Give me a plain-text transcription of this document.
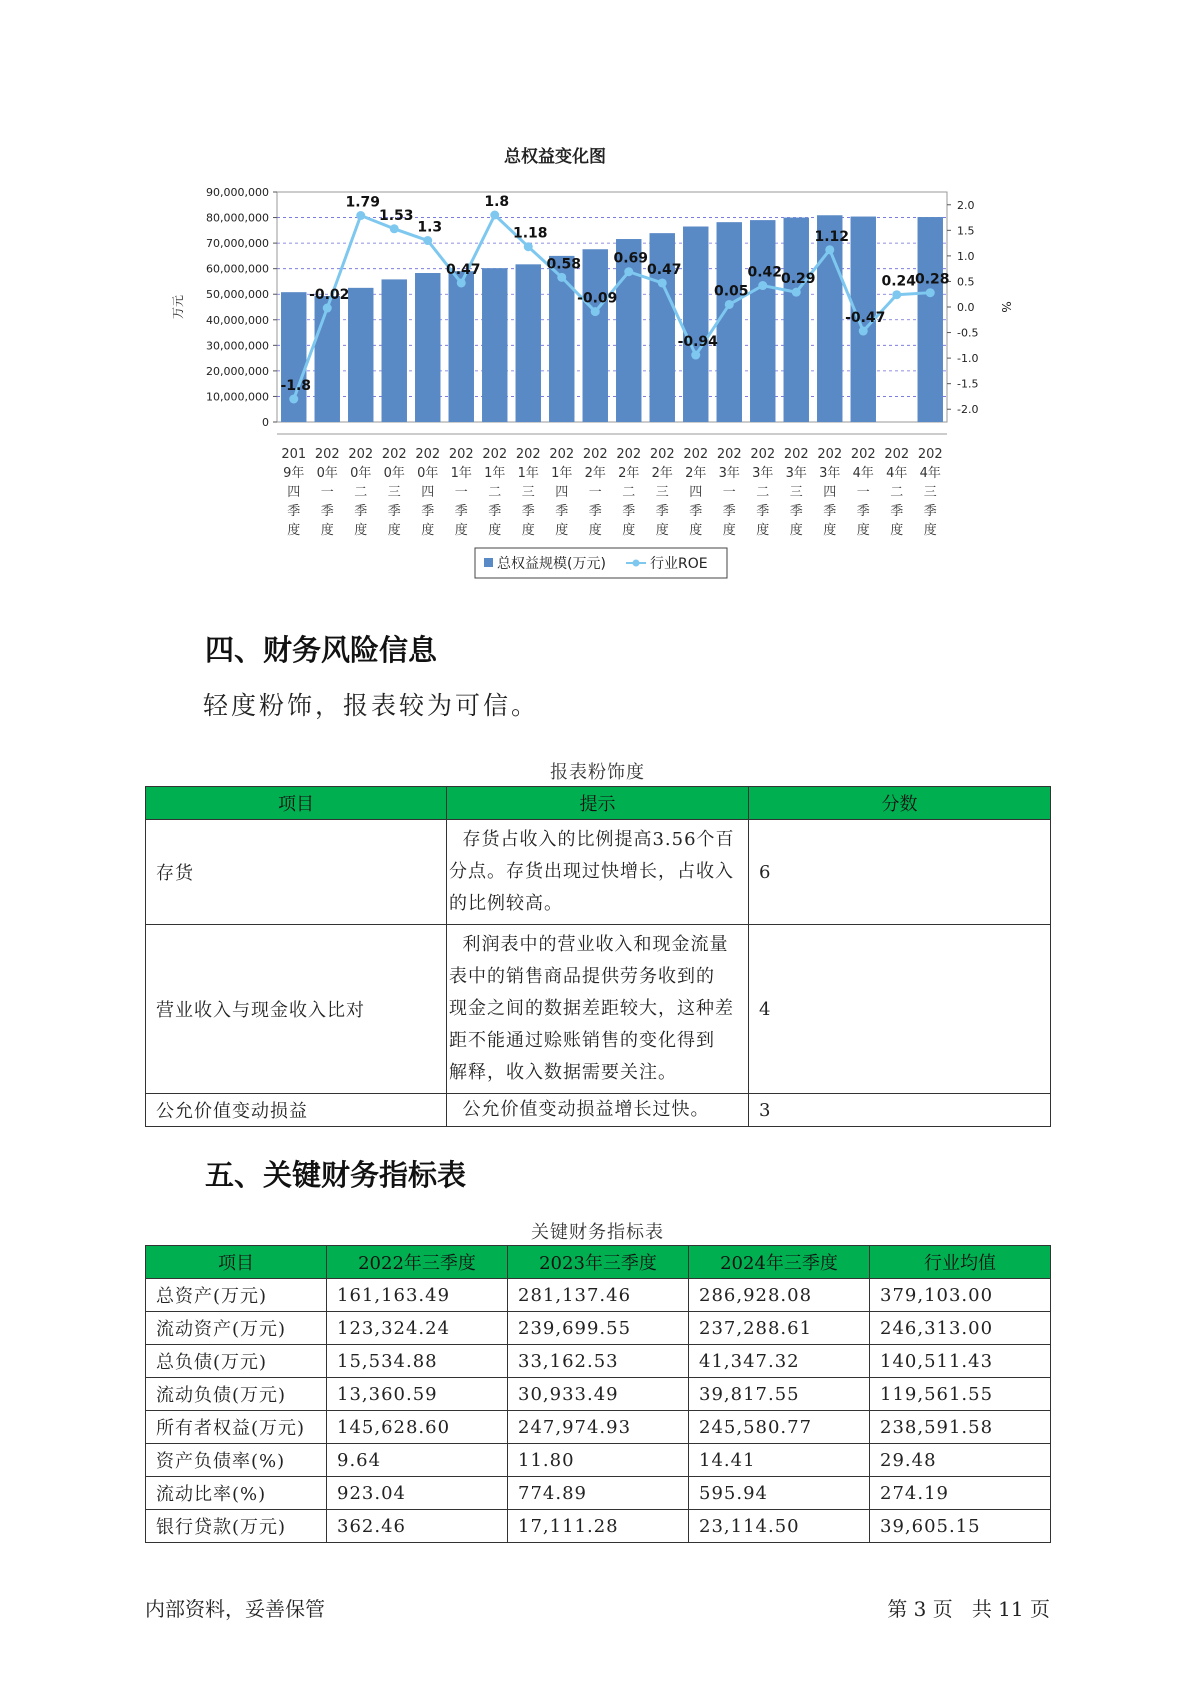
总权益变化图
0
10,000,000
20,000,000
30,000,000
40,000,000
50,000,000
60,000,000
70,000,000
80,000,000
90,000,000
2.0
1.5
1.0
0.5
0.0
-0.5
-1.0
-1.5
-2.0
万元	%
-1.8
-0.02
1.79
1.53
1.3
0.47
1.8
1.18
0.58
-0.09
0.69
0.47
-0.94
0.05
0.42
0.29
1.12
-0.47
0.24
0.28
201
9年
四
季
度
202
0年
一
季
度
202
0年
二
季
度
202
0年
三
季
度
202
0年
四
季
度
202
1年
一
季
度
202
1年
二
季
度
202
1年
三
季
度
202
1年
四
季
度
202
2年
一
季
度
202
2年
二
季
度
202
2年
三
季
度
202
2年
四
季
度
202
3年
一
季
度
202
3年
二
季
度
202
3年
三
季
度
202
3年
四
季
度
202
4年
一
季
度
202
4年
二
季
度
202
4年
三
季
度
总权益规模(万元)	行业ROE
四、财务风险信息

轻度粉饰，报表较为可信。

报表粉饰度
项目	提示	分数
存货	存货占收入的比例提高3.56个百
分点。存货出现过快增长，占收入
的比例较高。	6
营业收入与现金收入比对	利润表中的营业收入和现金流量
表中的销售商品提供劳务收到的
现金之间的数据差距较大，这种差
距不能通过赊账销售的变化得到
解释，收入数据需要关注。	4
公允价值变动损益	公允价值变动损益增长过快。	3
五、关键财务指标表
关键财务指标表
项目	2022年三季度	2023年三季度	2024年三季度	行业均值
总资产(万元)	161,163.49	281,137.46	286,928.08	379,103.00
流动资产(万元)	123,324.24	239,699.55	237,288.61	246,313.00
总负债(万元)	15,534.88	33,162.53	41,347.32	140,511.43
流动负债(万元)	13,360.59	30,933.49	39,817.55	119,561.55
所有者权益(万元)	145,628.60	247,974.93	245,580.77	238,591.58
资产负债率(%)	9.64	11.80	14.41	29.48
流动比率(%)	923.04	774.89	595.94	274.19
银行贷款(万元)	362.46	17,111.28	23,114.50	39,605.15
内部资料，妥善保管	第 3 页   共 11 页
